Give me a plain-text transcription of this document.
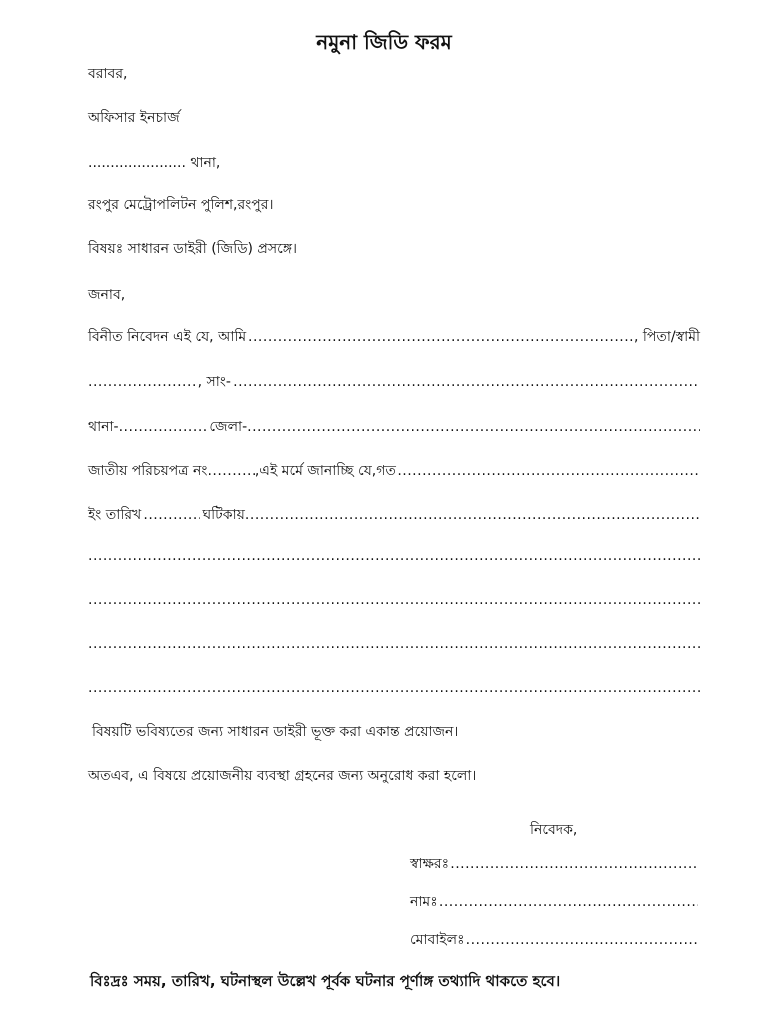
নমুনা জিডি ফরম
বরাবর,
অফিসার ইনচার্জ
...................... থানা,
রংপুর মেট্রোপলিটন পুলিশ,রংপুর।
বিষয়ঃ সাধারন ডাইরী (জিডি) প্রসঙ্গে।
জনাব,
বিনীত নিবেদন এই যে, আমি .....	, পিতা/স্বামী
.....
, সাং-
.....
থানা- .....	জেলা-
.....
জাতীয় পরিচয়পত্র নং .....	,এই মর্মে জানাচ্ছি যে,গত
.....
ইং তারিখ .....	ঘটিকায়
.....
.....
.....
.....
.....
বিষয়টি ভবিষ্যতের জন্য সাধারন ডাইরী ভূক্ত করা একান্ত প্রয়োজন।
অতএব, এ বিষয়ে প্রয়োজনীয় ব্যবস্থা গ্রহনের জন্য অনুরোধ করা হলো।
নিবেদক,
স্বাক্ষরঃ
.....
নামঃ
.....
মোবাইলঃ
.....
বিঃদ্রঃ সময়, তারিখ, ঘটনাস্থল উল্লেখ পূর্বক ঘটনার পূর্ণাঙ্গ তথ্যাদি থাকতে হবে।
